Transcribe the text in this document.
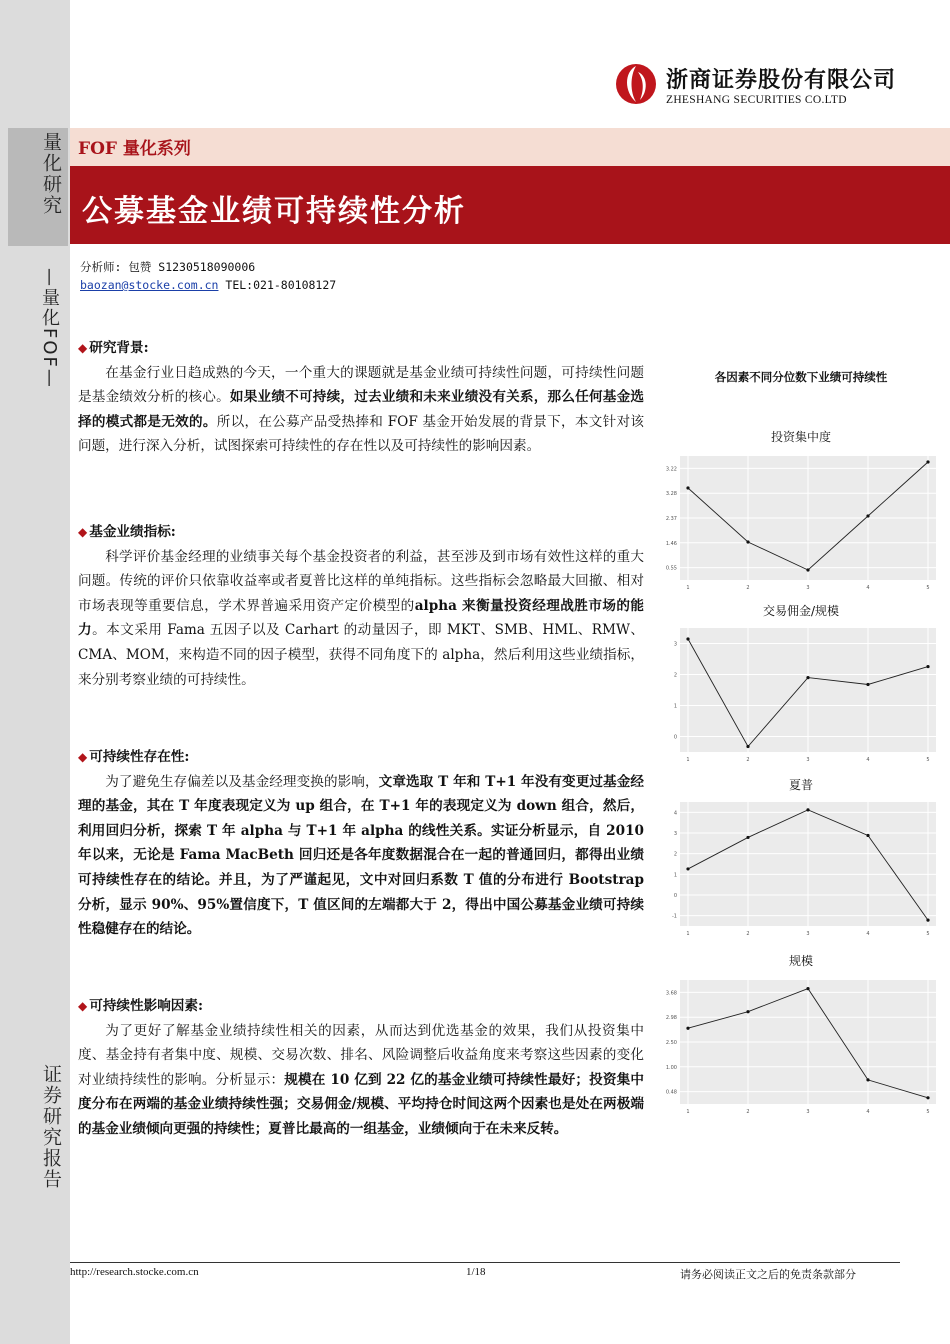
量化研究
—量化FOF—
证券研究报告
浙商证券股份有限公司
ZHESHANG SECURITIES CO.LTD
FOF 量化系列
公募基金业绩可持续性分析
分析师: 包赞 S1230518090006
baozan@stocke.com.cn TEL:021-80108127
◆ 研究背景:

在基金行业日趋成熟的今天，一个重大的课题就是基金业绩可持续性问题，可持续性问题是基金绩效分析的核心。如果业绩不可持续，过去业绩和未来业绩没有关系，那么任何基金选择的模式都是无效的。所以，在公募产品受热捧和 FOF 基金开始发展的背景下，本文针对该问题，进行深入分析，试图探索可持续性的存在性以及可持续性的影响因素。

◆ 基金业绩指标:

科学评价基金经理的业绩事关每个基金投资者的利益，甚至涉及到市场有效性这样的重大问题。传统的评价只依靠收益率或者夏普比这样的单纯指标。这些指标会忽略最大回撤、相对市场表现等重要信息，学术界普遍采用资产定价模型的alpha 来衡量投资经理战胜市场的能力。本文采用 Fama 五因子以及 Carhart 的动量因子，即 MKT、SMB、HML、RMW、CMA、MOM，来构造不同的因子模型，获得不同角度下的 alpha，然后利用这些业绩指标，来分别考察业绩的可持续性。

◆ 可持续性存在性:

为了避免生存偏差以及基金经理变换的影响，文章选取 T 年和 T+1 年没有变更过基金经理的基金，其在 T 年度表现定义为 up 组合，在 T+1 年的表现定义为 down 组合，然后，利用回归分析，探索 T 年 alpha 与 T+1 年 alpha 的线性关系。实证分析显示，自 2010 年以来，无论是 Fama MacBeth 回归还是各年度数据混合在一起的普通回归，都得出业绩可持续性存在的结论。并且，为了严谨起见，文中对回归系数 T 值的分布进行 Bootstrap 分析，显示 90%、95%置信度下，T 值区间的左端都大于 2，得出中国公募基金业绩可持续性稳健存在的结论。

◆ 可持续性影响因素:

为了更好了解基金业绩持续性相关的因素，从而达到优选基金的效果，我们从投资集中度、基金持有者集中度、规模、交易次数、排名、风险调整后收益角度来考察这些因素的变化对业绩持续性的影响。分析显示：规模在 10 亿到 22 亿的基金业绩可持续性最好；投资集中度分布在两端的基金业绩持续性强；交易佣金/规模、平均持仓时间这两个因素也是处在两极端的基金业绩倾向更强的持续性；夏普比最高的一组基金，业绩倾向于在未来反转。

各因素不同分位数下业绩可持续性
投资集中度
0.55
1.46
2.37
3.28
3.22
1	2	3	4	5
交易佣金/规模
0
1
2
3
1	2	3	4	5
夏普
-1
0
1
2
3
4
1	2	3	4	5
规模
0.48
1.00
2.50
2.98
3.68
1	2	3	4	5
http://research.stocke.com.cn	1/18	请务必阅读正文之后的免责条款部分
